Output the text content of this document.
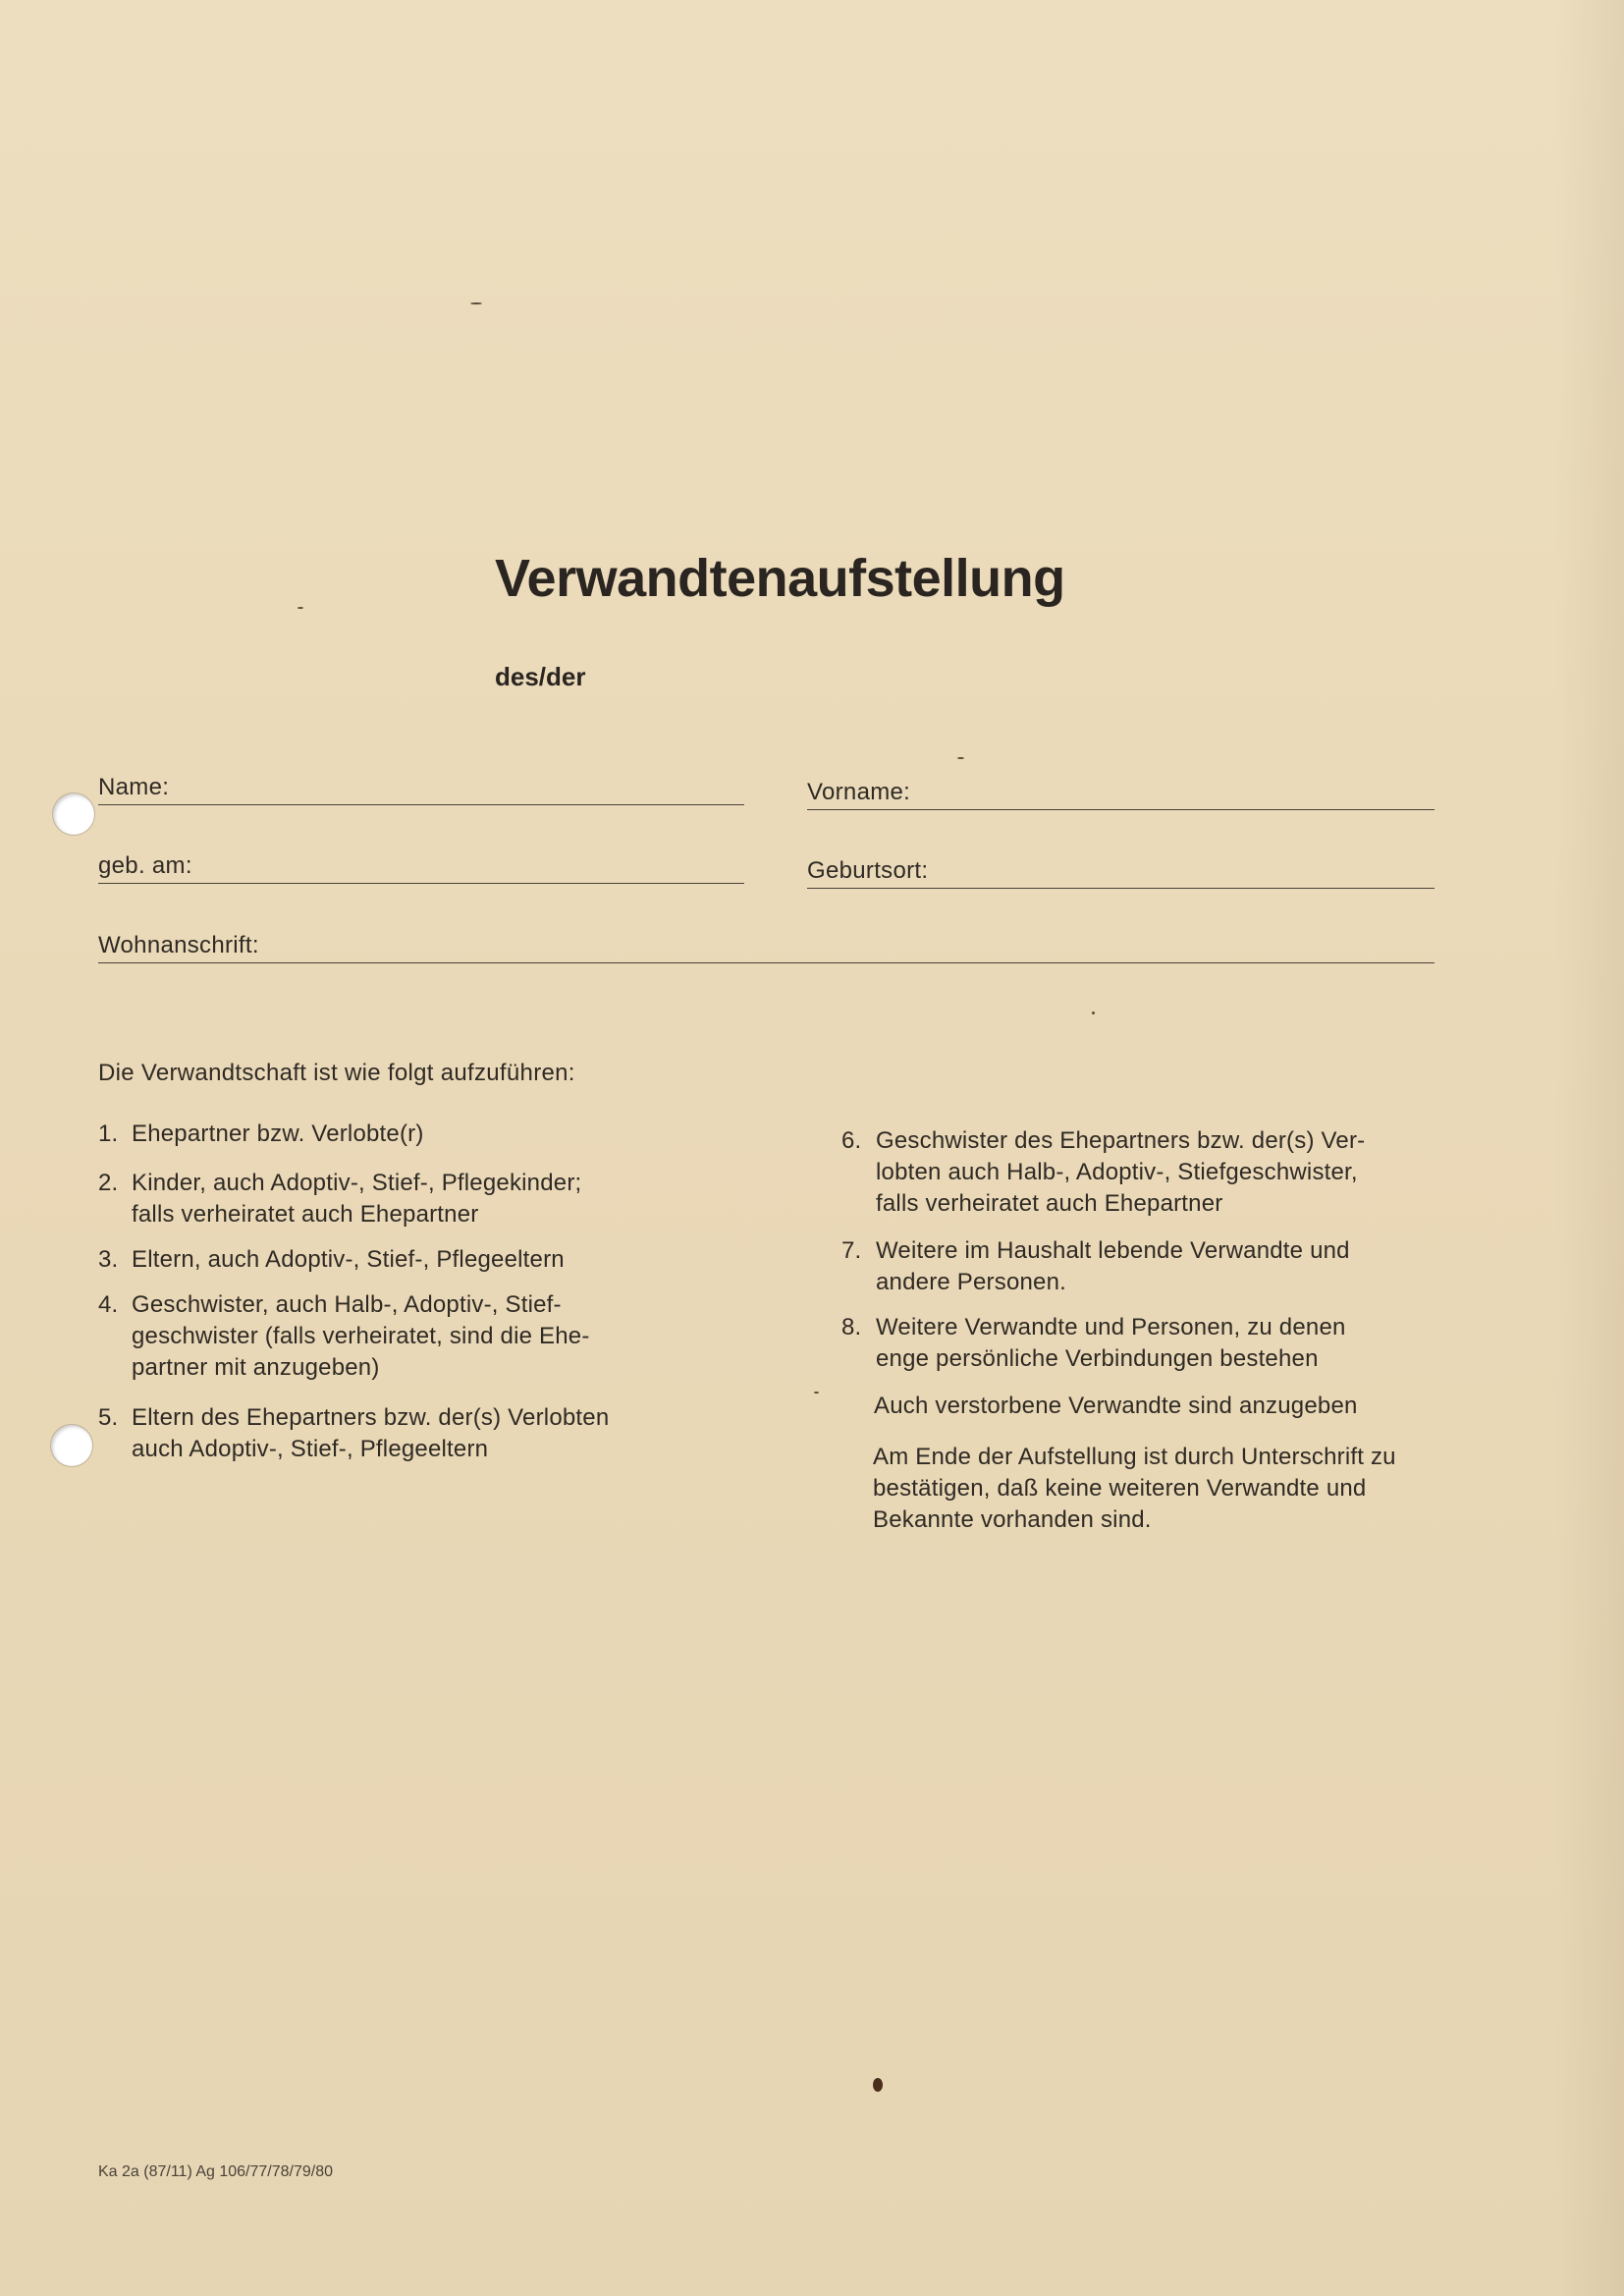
Verwandtenaufstellung
des/der
Name:	Vorname:
geb. am:	Geburtsort:
Wohnanschrift:
Die Verwandtschaft ist wie folgt aufzuführen:
1. Ehepartner bzw. Verlobte(r)
2. Kinder, auch Adoptiv-, Stief-, Pflegekinder;
falls verheiratet auch Ehepartner
3. Eltern, auch Adoptiv-, Stief-, Pflegeeltern
4. Geschwister, auch Halb-, Adoptiv-, Stief-
geschwister (falls verheiratet, sind die Ehe-
partner mit anzugeben)
5. Eltern des Ehepartners bzw. der(s) Verlobten
auch Adoptiv-, Stief-, Pflegeeltern
6. Geschwister des Ehepartners bzw. der(s) Ver-
lobten auch Halb-, Adoptiv-, Stiefgeschwister,
falls verheiratet auch Ehepartner
7. Weitere im Haushalt lebende Verwandte und
andere Personen.
8. Weitere Verwandte und Personen, zu denen
enge persönliche Verbindungen bestehen
Auch verstorbene Verwandte sind anzugeben
Am Ende der Aufstellung ist durch Unterschrift zu
bestätigen, daß keine weiteren Verwandte und
Bekannte vorhanden sind.
Ka 2a (87/11) Ag 106/77/78/79/80
